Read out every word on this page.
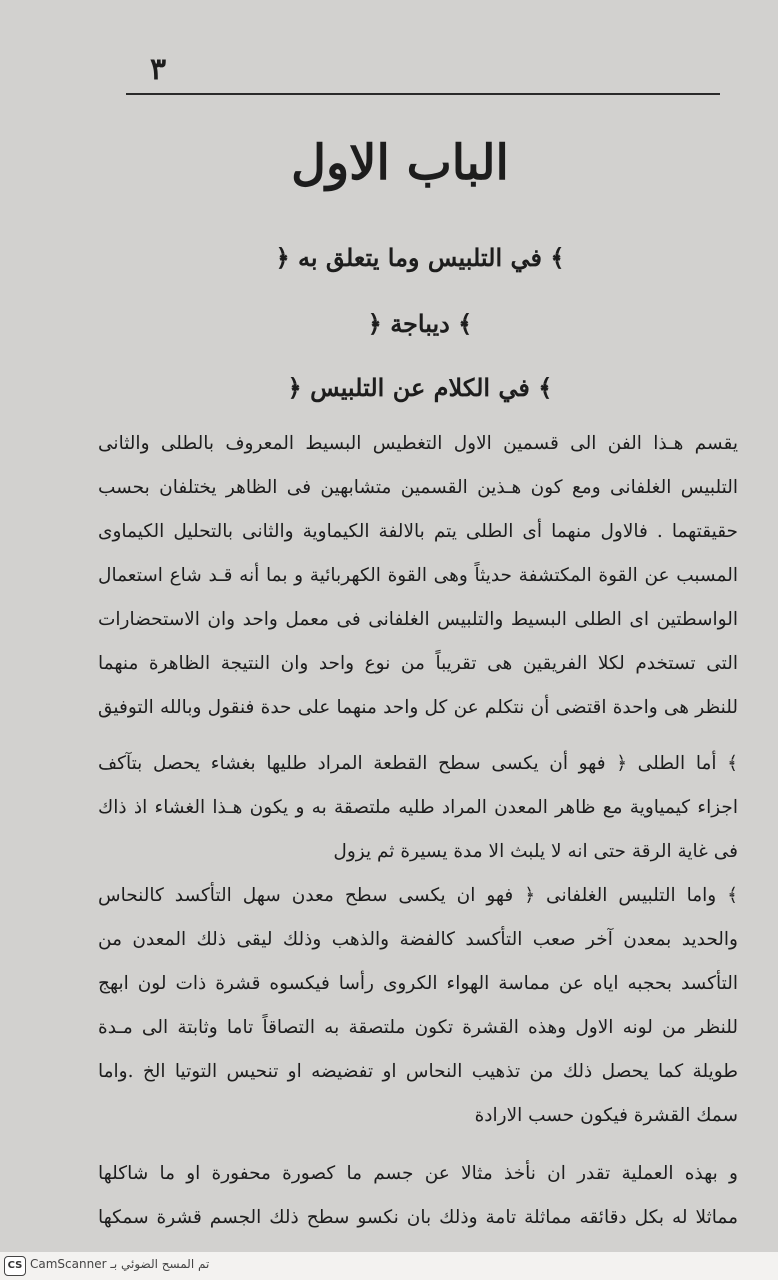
٣
الباب الاول
﴾ في التلبيس وما يتعلق به ﴿
﴾ ديباجة ﴿
﴾ في الكلام عن التلبيس ﴿
يقسم هـذا الفن الى قسمين الاول التغطيس البسيط المعروف بالطلى والثانى
التلبيس الغلفانى ومع كون هـذين القسمين متشابهين فى الظاهر يختلفان بحسب
حقيقتهما . فالاول منهما أى الطلى يتم بالالفة الكيماوية والثانى بالتحليل الكيماوى
المسبب عن القوة المكتشفة حديثاً وهى القوة الكهربائية و بما أنه قـد شاع استعمال
الواسطتين اى الطلى البسيط والتلبيس الغلفانى فى معمل واحد وان الاستحضارات
التى تستخدم لكلا الفريقين هى تقريباً من نوع واحد وان النتيجة الظاهرة منهما
للنظر هى واحدة اقتضى أن نتكلم عن كل واحد منهما على حدة فنقول وبالله التوفيق
﴾ أما الطلى ﴿ فهو أن يكسى سطح القطعة المراد طليها بغشاء يحصل بتآكف
اجزاء كيمياوية مع ظاهر المعدن المراد طليه ملتصقة به و يكون هـذا الغشاء اذ ذاك
فى غاية الرقة حتى انه لا يلبث الا مدة يسيرة ثم يزول
﴾ واما التلبيس الغلفانى ﴿ فهو ان يكسى سطح معدن سهل التأكسد كالنحاس
والحديد بمعدن آخر صعب التأكسد كالفضة والذهب وذلك ليقى ذلك المعدن من
التأكسد بحجبه اياه عن مماسة الهواء الكروى رأسا فيكسوه قشرة ذات لون ابهج
للنظر من لونه الاول وهذه القشرة تكون ملتصقة به التصاقاً تاما وثابتة الى مـدة
طويلة كما يحصل ذلك من تذهيب النحاس او تفضيضه او تنحيس التوتيا الخ .واما
سمك القشرة فيكون حسب الارادة
و بهذه العملية تقدر ان نأخذ مثالا عن جسم ما كصورة محفورة او ما شاكلها
مماثلا له بكل دقائقه مماثلة تامة وذلك بان نكسو سطح ذلك الجسم قشرة سمكها
CS تم المسح الضوئي بـ CamScanner
